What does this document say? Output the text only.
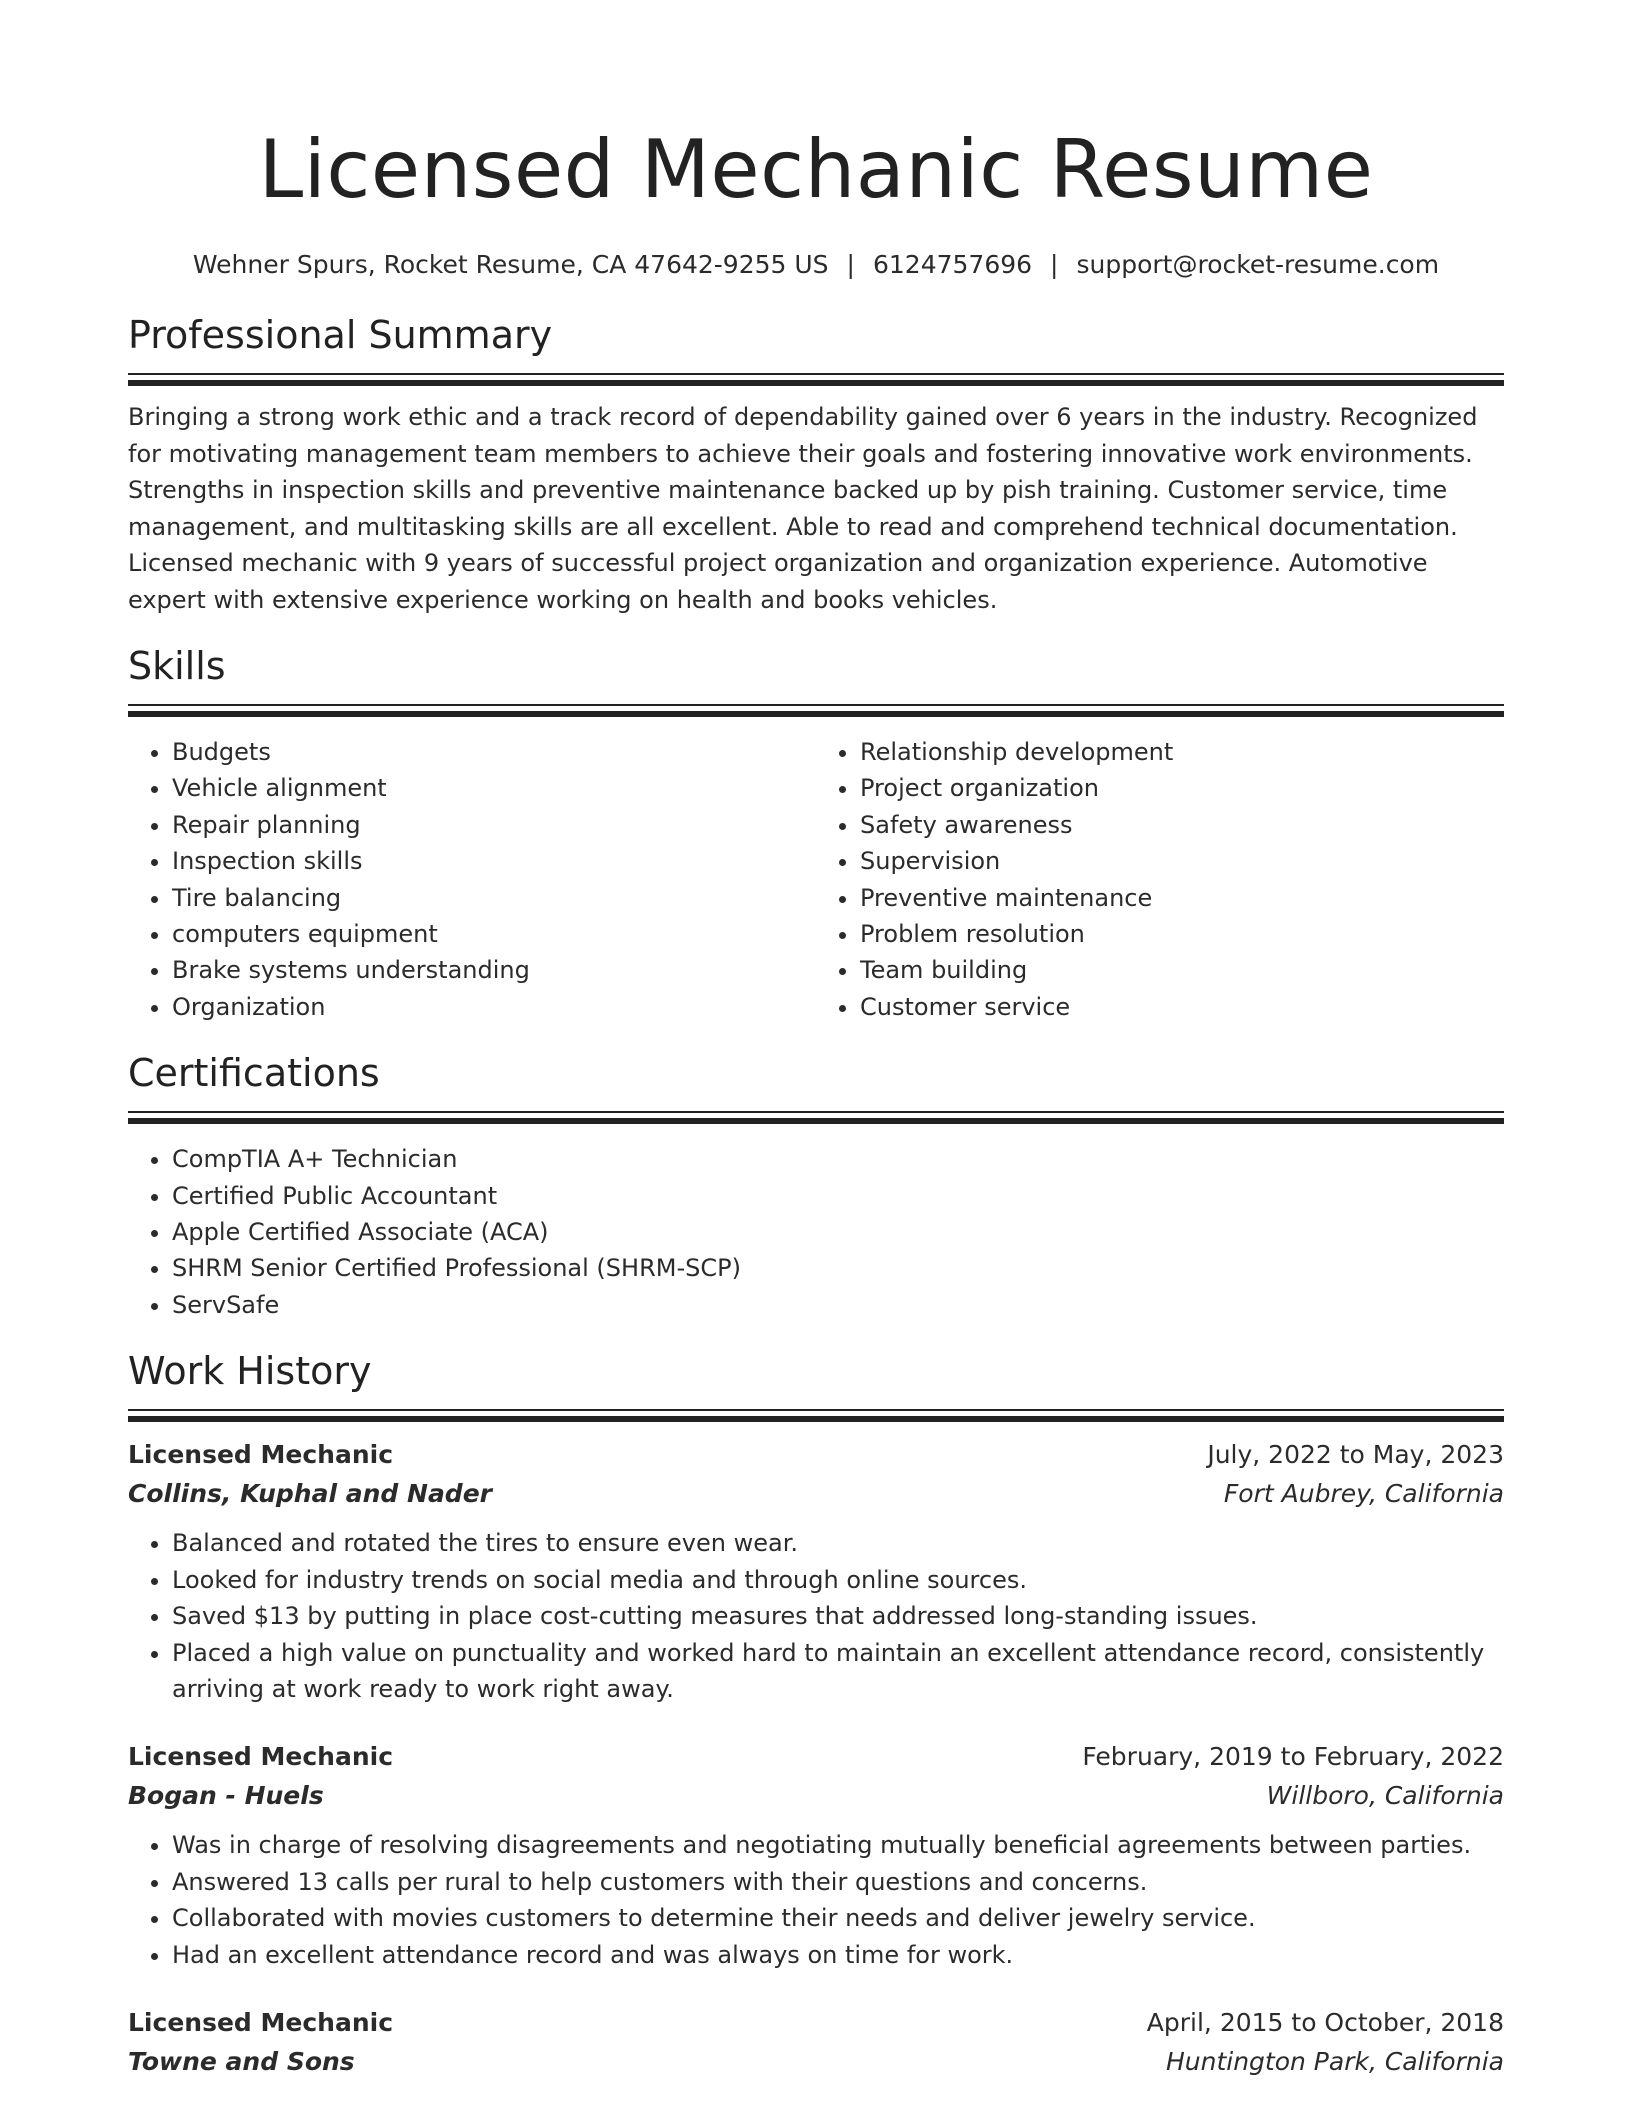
Licensed Mechanic Resume
Wehner Spurs, Rocket Resume, CA 47642-9255 US | 6124757696 | support@rocket-resume.com
Professional Summary

Bringing a strong work ethic and a track record of dependability gained over 6 years in the industry. Recognized for motivating management team members to achieve their goals and fostering innovative work environments. Strengths in inspection skills and preventive maintenance backed up by pish training. Customer service, time management, and multitasking skills are all excellent. Able to read and comprehend technical documentation. Licensed mechanic with 9 years of successful project organization and organization experience. Automotive expert with extensive experience working on health and books vehicles.

Skills
• Budgets
• Vehicle alignment
• Repair planning
• Inspection skills
• Tire balancing
• computers equipment
• Brake systems understanding
• Organization
• Relationship development
• Project organization
• Safety awareness
• Supervision
• Preventive maintenance
• Problem resolution
• Team building
• Customer service
Certifications
• CompTIA A+ Technician
• Certified Public Accountant
• Apple Certified Associate (ACA)
• SHRM Senior Certified Professional (SHRM-SCP)
• ServSafe
Work History
Licensed Mechanic	July, 2022 to May, 2023
Collins, Kuphal and Nader	Fort Aubrey, California
• Balanced and rotated the tires to ensure even wear.
• Looked for industry trends on social media and through online sources.
• Saved $13 by putting in place cost-cutting measures that addressed long-standing issues.
• Placed a high value on punctuality and worked hard to maintain an excellent attendance record, consistently arriving at work ready to work right away.
Licensed Mechanic	February, 2019 to February, 2022
Bogan - Huels	Willboro, California
• Was in charge of resolving disagreements and negotiating mutually beneficial agreements between parties.
• Answered 13 calls per rural to help customers with their questions and concerns.
• Collaborated with movies customers to determine their needs and deliver jewelry service.
• Had an excellent attendance record and was always on time for work.
Licensed Mechanic	April, 2015 to October, 2018
Towne and Sons	Huntington Park, California
